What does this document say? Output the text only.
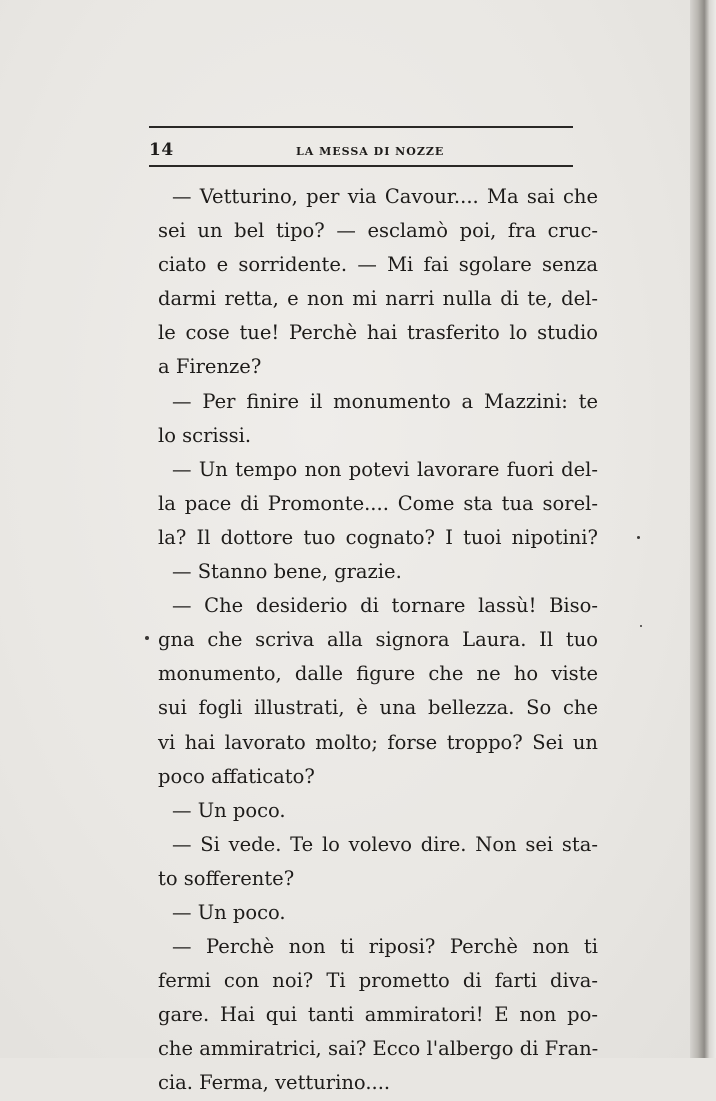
14	LA MESSA DI NOZZE
— Vetturino, per via Cavour.... Ma sai che
sei un bel tipo? — esclamò poi, fra cruc-
ciato e sorridente. — Mi fai sgolare senza
darmi retta, e non mi narri nulla di te, del-
le cose tue! Perchè hai trasferito lo studio
a Firenze?
— Per finire il monumento a Mazzini: te
lo scrissi.
— Un tempo non potevi lavorare fuori del-
la pace di Promonte.... Come sta tua sorel-
la? Il dottore tuo cognato? I tuoi nipotini?
— Stanno bene, grazie.
— Che desiderio di tornare lassù! Biso-
gna che scriva alla signora Laura. Il tuo
monumento, dalle figure che ne ho viste
sui fogli illustrati, è una bellezza. So che
vi hai lavorato molto; forse troppo? Sei un
poco affaticato?
— Un poco.
— Si vede. Te lo volevo dire. Non sei sta-
to sofferente?
— Un poco.
— Perchè non ti riposi? Perchè non ti
fermi con noi? Ti prometto di farti diva-
gare. Hai qui tanti ammiratori! E non po-
che ammiratrici, sai? Ecco l'albergo di Fran-
cia. Ferma, vetturino....
